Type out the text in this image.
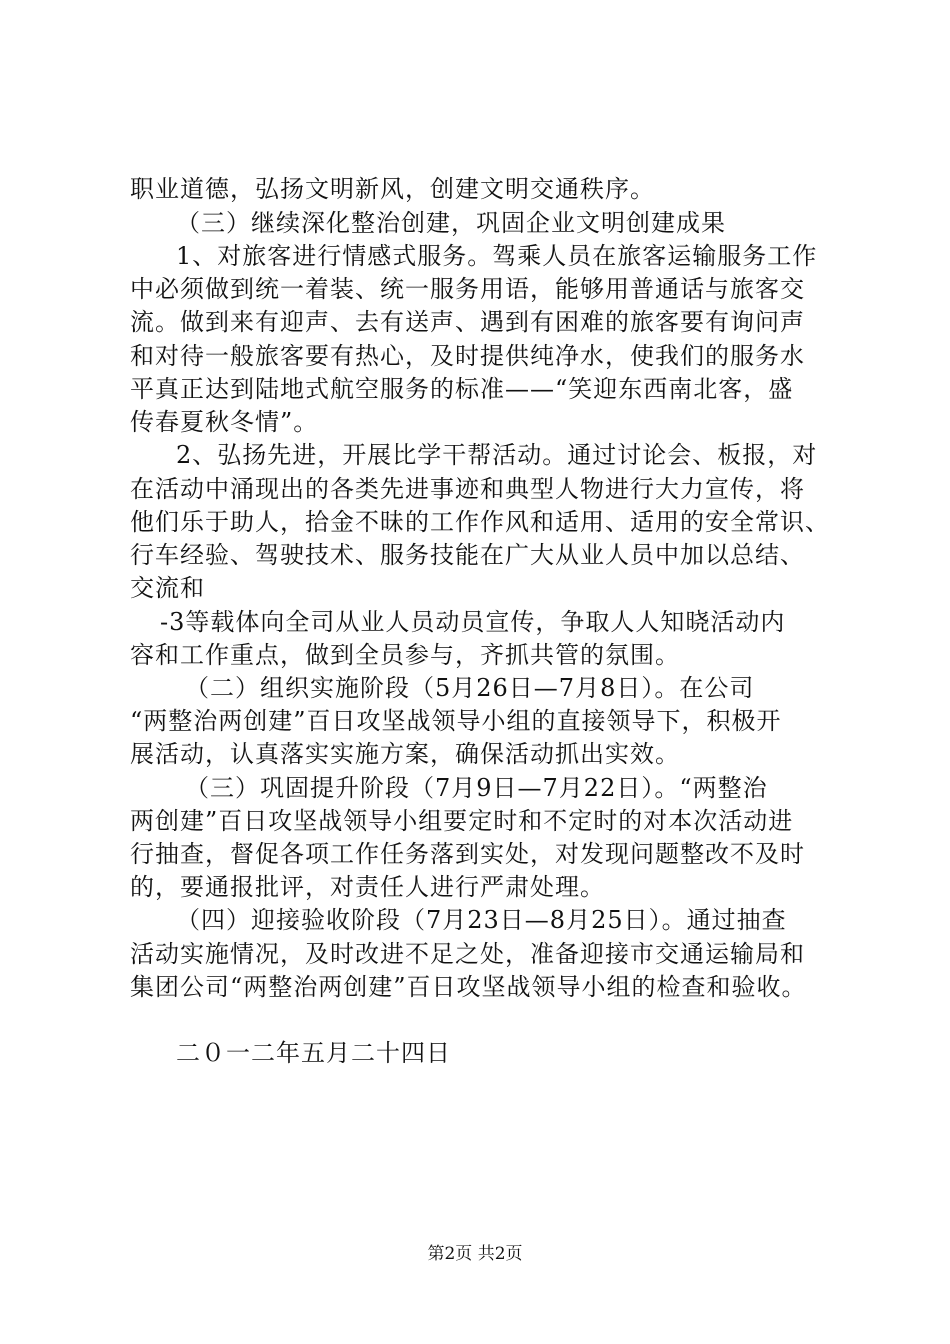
职业道德，弘扬文明新风，创建文明交通秩序。
（三）继续深化整治创建，巩固企业文明创建成果
1、对旅客进行情感式服务。驾乘人员在旅客运输服务工作
中必须做到统一着装、统一服务用语，能够用普通话与旅客交
流。做到来有迎声、去有送声、遇到有困难的旅客要有询问声
和对待一般旅客要有热心，及时提供纯净水，使我们的服务水
平真正达到陆地式航空服务的标准——“笑迎东西南北客，盛
传春夏秋冬情”。
2、弘扬先进，开展比学干帮活动。通过讨论会、板报，对
在活动中涌现出的各类先进事迹和典型人物进行大力宣传，将
他们乐于助人，拾金不昧的工作作风和适用、适用的安全常识、
行车经验、驾驶技术、服务技能在广大从业人员中加以总结、
交流和
-3等载体向全司从业人员动员宣传，争取人人知晓活动内
容和工作重点，做到全员参与，齐抓共管的氛围。
（二）组织实施阶段（5月26日—7月8日）。在公司
“两整治两创建”百日攻坚战领导小组的直接领导下，积极开
展活动，认真落实实施方案，确保活动抓出实效。
（三）巩固提升阶段（7月9日—7月22日）。“两整治
两创建”百日攻坚战领导小组要定时和不定时的对本次活动进
行抽查，督促各项工作任务落到实处，对发现问题整改不及时
的，要通报批评，对责任人进行严肃处理。
（四）迎接验收阶段（7月23日—8月25日）。通过抽查
活动实施情况，及时改进不足之处，准备迎接市交通运输局和
集团公司“两整治两创建”百日攻坚战领导小组的检查和验收。
二０一二年五月二十四日
第2页 共2页
